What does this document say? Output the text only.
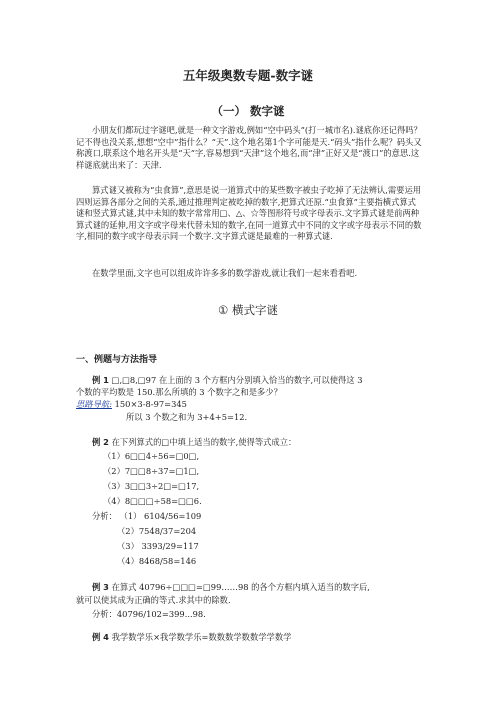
五年级奥数专题-数字谜
（一） 数字谜

小朋友们都玩过字谜吧,就是一种文字游戏,例如“空中码头”(打一城市名).谜底你还记得吗？记不得也没关系,想想“空中”指什么？“天”.这个地名第1个字可能是天.“码头”指什么呢？码头又称渡口,联系这个地名开头是“天”字,容易想到“天津”这个地名,而“津”正好又是“渡口”的意思.这样谜底就出来了：天津.

算式谜又被称为“虫食算”,意思是说一道算式中的某些数字被虫子吃掉了无法辨认,需要运用四则运算各部分之间的关系,通过推理判定被吃掉的数字,把算式还原.“虫食算”主要指横式算式谜和竖式算式谜,其中未知的数字常常用□、△、☆等图形符号或字母表示.文字算式谜是前两种算式谜的延伸,用文字或字母来代替未知的数字,在同一道算式中不同的文字或字母表示不同的数字,相同的数字或字母表示同一个数字.文字算式谜是最难的一种算式谜.

在数学里面,文字也可以组成许许多多的数学游戏,就让我们一起来看看吧.

① 横式字谜
一、例题与方法指导
例 1 □,□8,□97 在上面的 3 个方框内分别填入恰当的数字,可以使得这 3
个数的平均数是 150.那么所填的 3 个数字之和是多少？
思路导航: 150×3-8-97=345
所以 3 个数之和为 3+4+5=12.
例 2 在下列算式的□中填上适当的数字,使得等式成立：
（1）6□□4÷56=□0□,
（2）7□□8÷37=□1□,
（3）3□□3÷2□=□17,
（4）8□□□÷58=□□6.
分析： （1） 6104/56=109
（2）7548/37=204
（3） 3393/29=117
（4）8468/58=146
例 3 在算式 40796÷□□□=□99……98 的各个方框内填入适当的数字后,
就可以使其成为正确的等式.求其中的除数.
分析：40796/102=399...98.
例 4 我学数学乐×我学数学乐=数数数学数数学学数学
